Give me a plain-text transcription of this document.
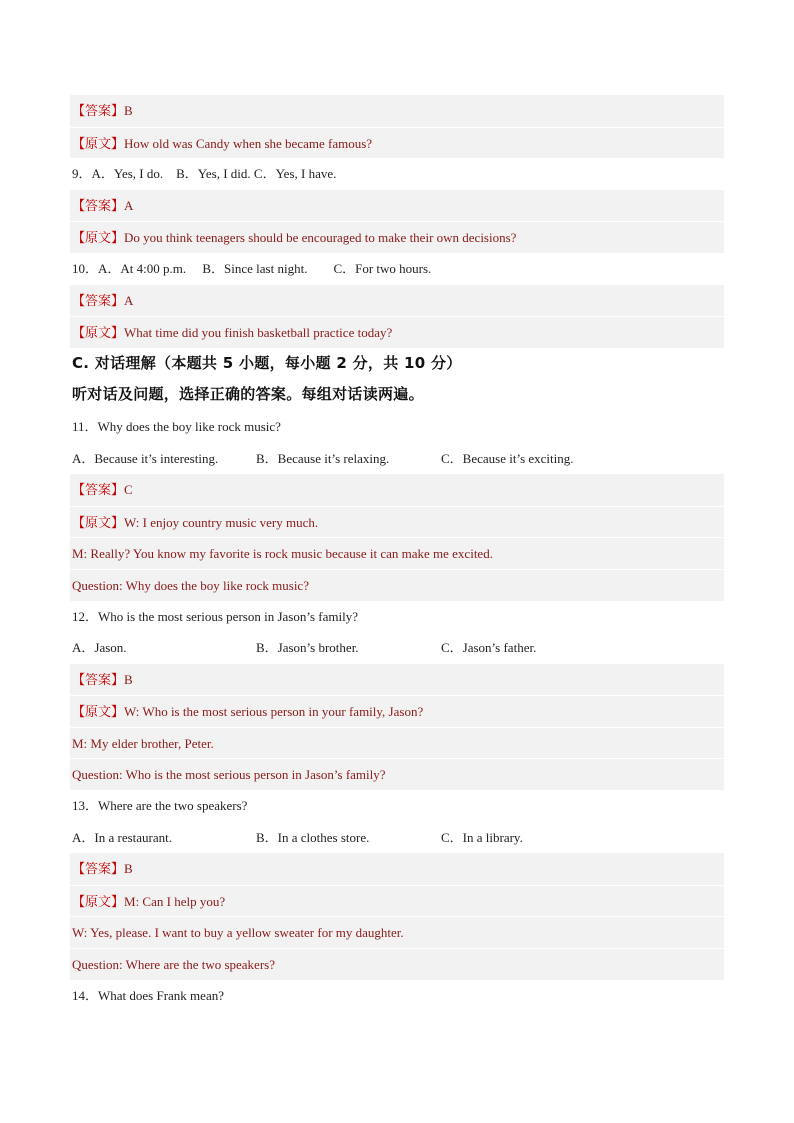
【答案】B
【原文】How old was Candy when she became famous?
9．A．Yes, I do.　B．Yes, I did. C．Yes, I have.
【答案】A
【原文】Do you think teenagers should be encouraged to make their own decisions?
10．A．At 4:00 p.m.　 B．Since last night.　　C．For two hours.
【答案】A
【原文】What time did you finish basketball practice today?
C. 对话理解（本题共 5 小题，每小题 2 分，共 10 分）
听对话及问题，选择正确的答案。每组对话读两遍。
11．Why does the boy like rock music?
A．Because it’s interesting.	B．Because it’s relaxing.	C．Because it’s exciting.
【答案】C
【原文】W: I enjoy country music very much.
M: Really? You know my favorite is rock music because it can make me excited.
Question: Why does the boy like rock music?
12．Who is the most serious person in Jason’s family?
A．Jason.	B．Jason’s brother.	C．Jason’s father.
【答案】B
【原文】W: Who is the most serious person in your family, Jason?
M: My elder brother, Peter.
Question: Who is the most serious person in Jason’s family?
13．Where are the two speakers?
A．In a restaurant.	B．In a clothes store.	C．In a library.
【答案】B
【原文】M: Can I help you?
W: Yes, please. I want to buy a yellow sweater for my daughter.
Question: Where are the two speakers?
14．What does Frank mean?
